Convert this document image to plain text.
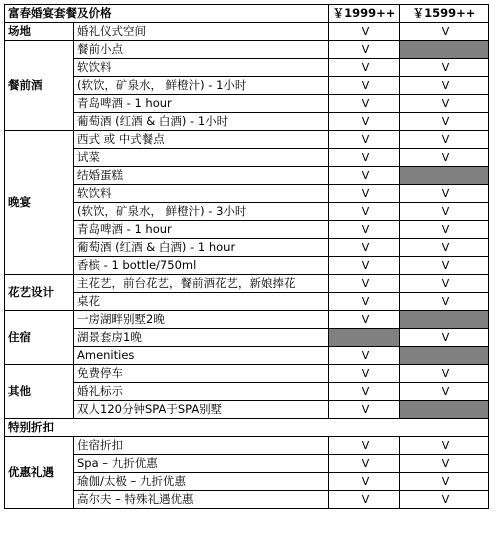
富春婚宴套餐及价格		￥1999++	￥1599++
场地	婚礼仪式空间	V	V
餐前酒	餐前小点	V	
	软饮料	V	V
	(软饮，矿泉水， 鲜橙汁) - 1小时	V	V
	青岛啤酒 - 1 hour	V	V
	葡萄酒 (红酒 & 白酒) - 1小时	V	V
晚宴	西式 或 中式餐点	V	V
	试菜	V	V
	结婚蛋糕	V	
	软饮料	V	V
	(软饮，矿泉水， 鲜橙汁) - 3小时	V	V
	青岛啤酒 - 1 hour	V	V
	葡萄酒 (红酒 & 白酒) - 1 hour	V	V
	香槟 - 1 bottle/750ml	V	V
花艺设计	主花艺，前台花艺，餐前酒花艺，新娘捧花	V	V
	桌花	V	V
住宿	一房湖畔别墅2晚	V	
	湖景套房1晚		V
	Amenities	V	
其他	免费停车	V	V
	婚礼标示	V	V
	双人120分钟SPA于SPA别墅	V	
特别折扣			
优惠礼遇	住宿折扣	V	V
	Spa – 九折优惠	V	V
	瑜伽/太极 – 九折优惠	V	V
	高尔夫 – 特殊礼遇优惠	V	V
